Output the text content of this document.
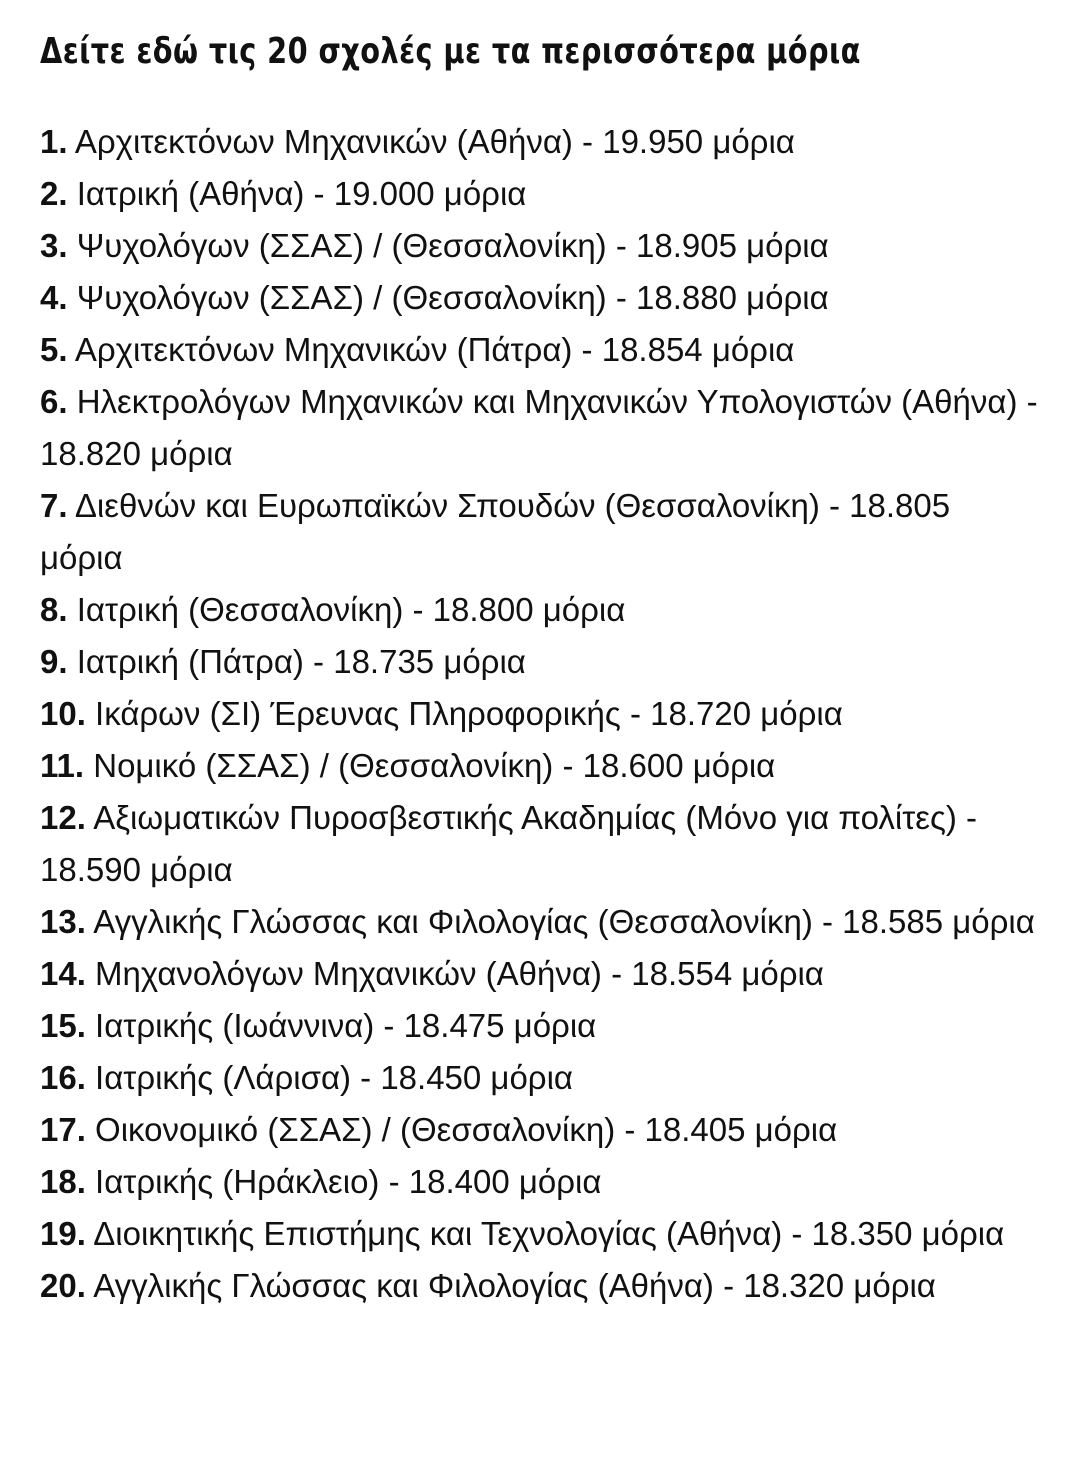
Δείτε εδώ τις 20 σχολές με τα περισσότερα μόρια
1. Αρχιτεκτόνων Μηχανικών (Αθήνα) - 19.950 μόρια
2. Ιατρική (Αθήνα) - 19.000 μόρια
3. Ψυχολόγων (ΣΣΑΣ) / (Θεσσαλονίκη) - 18.905 μόρια
4. Ψυχολόγων (ΣΣΑΣ) / (Θεσσαλονίκη) - 18.880 μόρια
5. Αρχιτεκτόνων Μηχανικών (Πάτρα) - 18.854 μόρια
6. Ηλεκτρολόγων Μηχανικών και Μηχανικών Υπολογιστών (Αθήνα) - 18.820 μόρια
7. Διεθνών και Ευρωπαϊκών Σπουδών (Θεσσαλονίκη) - 18.805 μόρια
8. Ιατρική (Θεσσαλονίκη) - 18.800 μόρια
9. Ιατρική (Πάτρα) - 18.735 μόρια
10. Ικάρων (ΣΙ) Έρευνας Πληροφορικής - 18.720 μόρια
11. Νομικό (ΣΣΑΣ) / (Θεσσαλονίκη) - 18.600 μόρια
12. Αξιωματικών Πυροσβεστικής Ακαδημίας (Μόνο για πολίτες) - 18.590 μόρια
13. Αγγλικής Γλώσσας και Φιλολογίας (Θεσσαλονίκη) - 18.585 μόρια
14. Μηχανολόγων Μηχανικών (Αθήνα) - 18.554 μόρια
15. Ιατρικής (Ιωάννινα) - 18.475 μόρια
16. Ιατρικής (Λάρισα) - 18.450 μόρια
17. Οικονομικό (ΣΣΑΣ) / (Θεσσαλονίκη) - 18.405 μόρια
18. Ιατρικής (Ηράκλειο) - 18.400 μόρια
19. Διοικητικής Επιστήμης και Τεχνολογίας (Αθήνα) - 18.350 μόρια
20. Αγγλικής Γλώσσας και Φιλολογίας (Αθήνα) - 18.320 μόρια
